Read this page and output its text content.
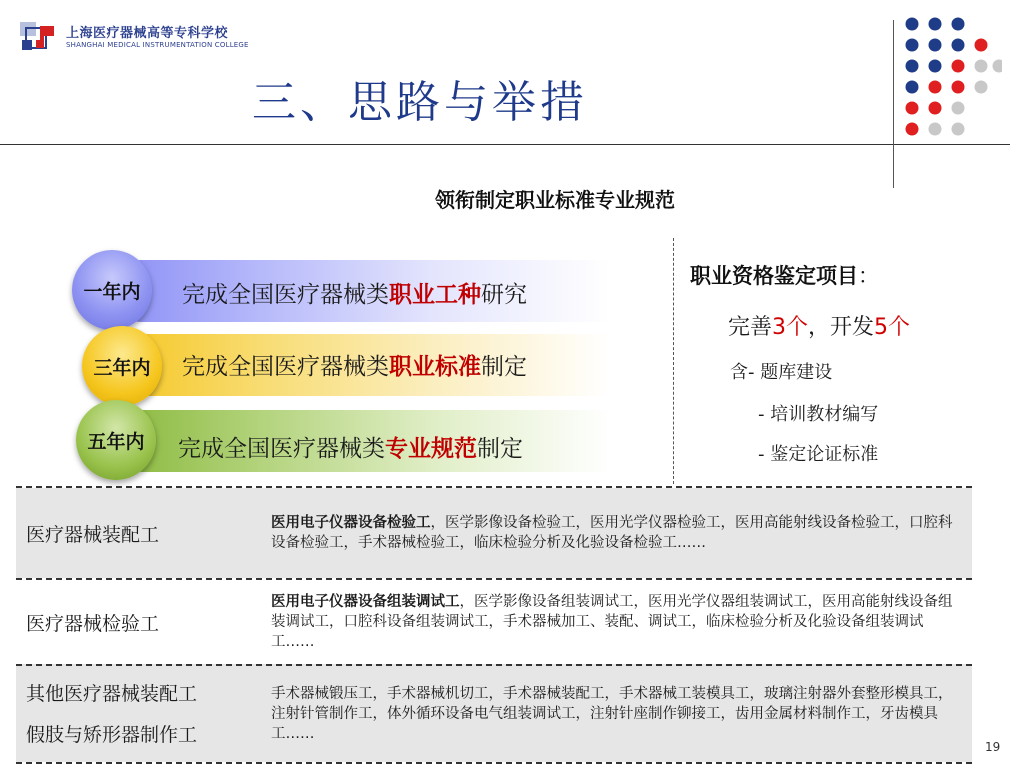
上海医疗器械高等专科学校
SHANGHAI MEDICAL INSTRUMENTATION COLLEGE
三、思路与举措
领衔制定职业标准专业规范
一年内
三年内
五年内
完成全国医疗器械类职业工种研究
完成全国医疗器械类职业标准制定
完成全国医疗器械类专业规范制定
职业资格鉴定项目：
完善3个，开发5个
含- 题库建设
- 培训教材编写
- 鉴定论证标准
医疗器械装配工
医用电子仪器设备检验工，医学影像设备检验工，医用光学仪器检验工，医用高能射线设备检验工，口腔科设备检验工，手术器械检验工，临床检验分析及化验设备检验工……
医疗器械检验工
医用电子仪器设备组装调试工，医学影像设备组装调试工，医用光学仪器组装调试工，医用高能射线设备组装调试工，口腔科设备组装调试工，手术器械加工、装配、调试工，临床检验分析及化验设备组装调试工……
其他医疗器械装配工
假肢与矫形器制作工
手术器械锻压工，手术器械机切工，手术器械装配工，手术器械工装模具工，玻璃注射器外套整形模具工，注射针管制作工，体外循环设备电气组装调试工，注射针座制作铆接工，齿用金属材料制作工，牙齿模具工……
19
